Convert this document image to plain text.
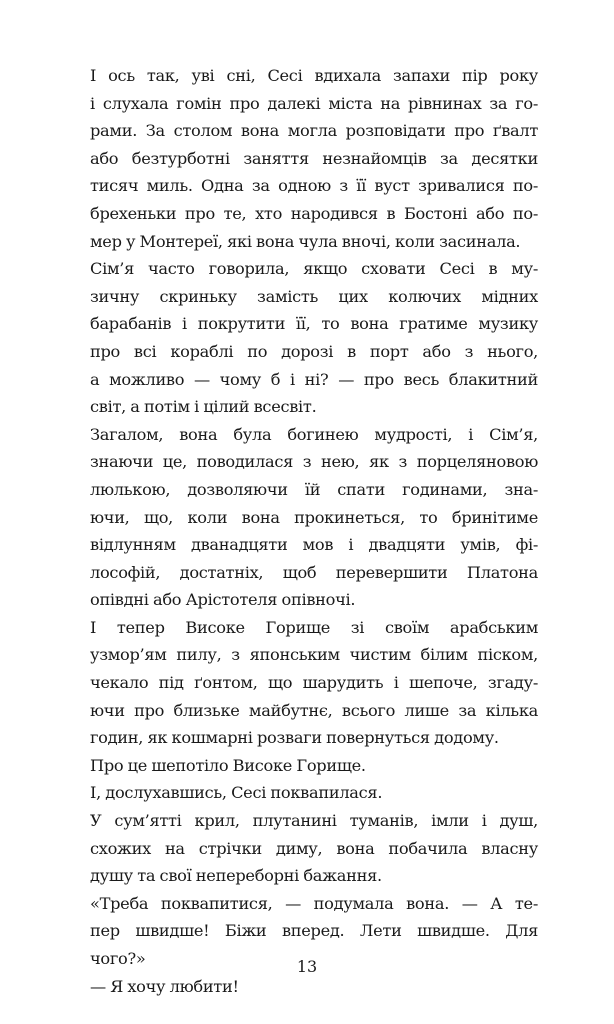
І ось так, уві сні, Сесі вдихала запахи пір року
і слухала гомін про далекі міста на рівнинах за го-
рами. За столом вона могла розповідати про ґвалт
або безтурботні заняття незнайомців за десятки
тисяч миль. Одна за одною з її вуст зривалися по-
брехеньки про те, хто народився в Бостоні або по-
мер у Монтереї, які вона чула вночі, коли засинала.
Сім’я часто говорила, якщо сховати Сесі в му-
зичну скриньку замість цих колючих мідних
барабанів і покрутити її, то вона гратиме музику
про всі кораблі по дорозі в порт або з нього,
а можливо — чому б і ні? — про весь блакитний
світ, а потім і цілий всесвіт.
Загалом, вона була богинею мудрості, і Сім’я,
знаючи це, поводилася з нею, як з порцеляновою
люлькою, дозволяючи їй спати годинами, зна-
ючи, що, коли вона прокинеться, то бринітиме
відлунням дванадцяти мов і двадцяти умів, фі-
лософій, достатніх, щоб перевершити Платона
опівдні або Арістотеля опівночі.
І тепер Високе Горище зі своїм арабським
узмор’ям пилу, з японським чистим білим піском,
чекало під ґонтом, що шарудить і шепоче, згаду-
ючи про близьке майбутнє, всього лише за кілька
годин, як кошмарні розваги повернуться додому.
Про це шепотіло Високе Горище.
І, дослухавшись, Сесі поквапилася.
У сум’ятті крил, плутанині туманів, імли і душ,
схожих на стрічки диму, вона побачила власну
душу та свої непереборні бажання.
«Треба поквапитися, — подумала вона. — А те-
пер швидше! Біжи вперед. Лети швидше. Для
чого?»
— Я хочу любити!
13
